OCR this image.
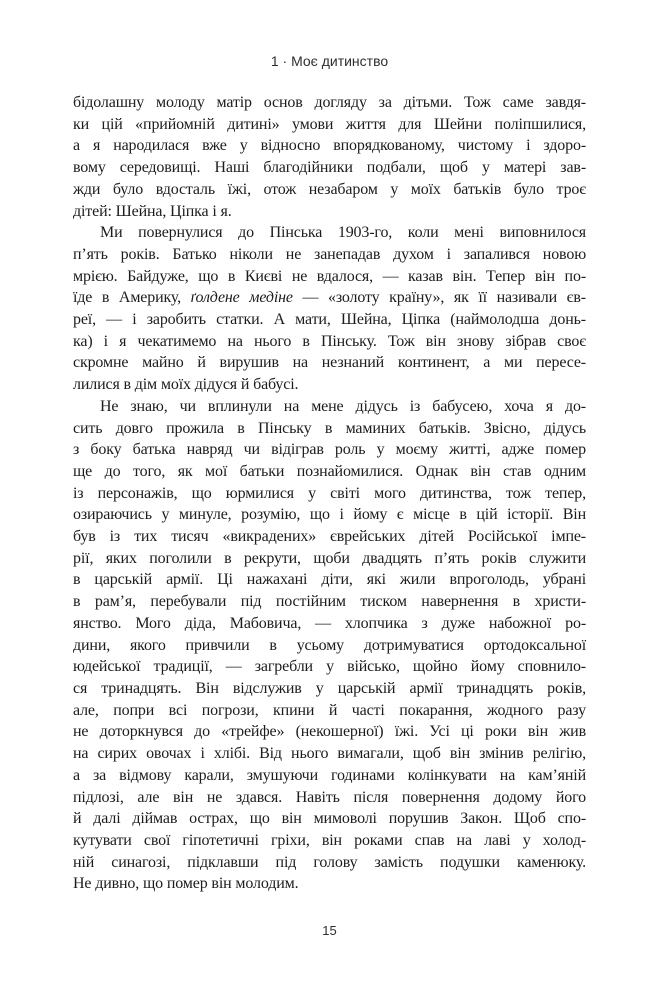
1 · Моє дитинство
бідолашну молоду матір основ догляду за дітьми. Тож саме завдя-
ки цій «прийомній дитині» умови життя для Шейни поліпшилися,
а я народилася вже у відносно впорядкованому, чистому і здоро-
вому середовищі. Наші благодійники подбали, щоб у матері зав-
жди було вдосталь їжі, отож незабаром у моїх батьків було троє
дітей: Шейна, Ціпка і я.
Ми повернулися до Пінська 1903-го, коли мені виповнилося
п’ять років. Батько ніколи не занепадав духом і запалився новою
мрією. Байдуже, що в Києві не вдалося, — казав він. Тепер він по-
їде в Америку, ґолдене медіне — «золоту країну», як її називали єв-
реї, — і заробить статки. А мати, Шейна, Ціпка (наймолодша донь-
ка) і я чекатимемо на нього в Пінську. Тож він знову зібрав своє
скромне майно й вирушив на незнаний континент, а ми пересе-
лилися в дім моїх дідуся й бабусі.
Не знаю, чи вплинули на мене дідусь із бабусею, хоча я до-
сить довго прожила в Пінську в маминих батьків. Звісно, дідусь
з боку батька навряд чи відіграв роль у моєму житті, адже помер
ще до того, як мої батьки познайомилися. Однак він став одним
із персонажів, що юрмилися у світі мого дитинства, тож тепер,
озираючись у минуле, розумію, що і йому є місце в цій історії. Він
був із тих тисяч «викрадених» єврейських дітей Російської імпе-
рії, яких поголили в рекрути, щоби двадцять п’ять років служити
в царській армії. Ці нажахані діти, які жили впроголодь, убрані
в рам’я, перебували під постійним тиском навернення в христи-
янство. Мого діда, Мабовича, — хлопчика з дуже набожної ро-
дини, якого привчили в усьому дотримуватися ортодоксальної
юдейської традиції, — загребли у військо, щойно йому сповнило-
ся тринадцять. Він відслужив у царській армії тринадцять років,
але, попри всі погрози, кпини й часті покарання, жодного разу
не доторкнувся до «трейфе» (некошерної) їжі. Усі ці роки він жив
на сирих овочах і хлібі. Від нього вимагали, щоб він змінив релігію,
а за відмову карали, змушуючи годинами колінкувати на кам’яній
підлозі, але він не здався. Навіть після повернення додому його
й далі діймав острах, що він мимоволі порушив Закон. Щоб спо-
кутувати свої гіпотетичні гріхи, він роками спав на лаві у холод-
ній синагозі, підклавши під голову замість подушки каменюку.
Не дивно, що помер він молодим.
15
